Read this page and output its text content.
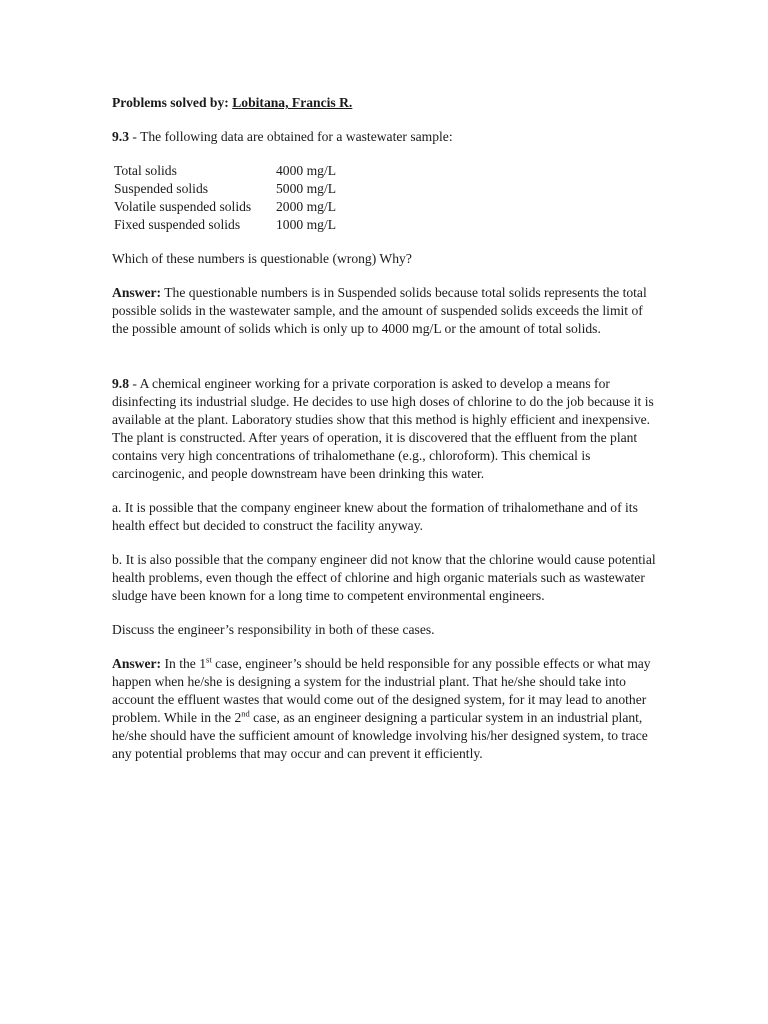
Problems solved by: Lobitana, Francis R.

9.3 - The following data are obtained for a wastewater sample:

Total solids	4000 mg/L
Suspended solids	5000 mg/L
Volatile suspended solids	2000 mg/L
Fixed suspended solids	1000 mg/L

Which of these numbers is questionable (wrong) Why?

Answer: The questionable numbers is in Suspended solids because total solids represents the total possible solids in the wastewater sample, and the amount of suspended solids exceeds the limit of the possible amount of solids which is only up to 4000 mg/L or the amount of total solids.

9.8 - A chemical engineer working for a private corporation is asked to develop a means for disinfecting its industrial sludge. He decides to use high doses of chlorine to do the job because it is available at the plant. Laboratory studies show that this method is highly efficient and inexpensive. The plant is constructed. After years of operation, it is discovered that the effluent from the plant contains very high concentrations of trihalomethane (e.g., chloroform). This chemical is carcinogenic, and people downstream have been drinking this water.

a. It is possible that the company engineer knew about the formation of trihalomethane and of its health effect but decided to construct the facility anyway.

b. It is also possible that the company engineer did not know that the chlorine would cause potential health problems, even though the effect of chlorine and high organic materials such as wastewater sludge have been known for a long time to competent environmental engineers.

Discuss the engineer’s responsibility in both of these cases.

Answer: In the 1st case, engineer’s should be held responsible for any possible effects or what may happen when he/she is designing a system for the industrial plant. That he/she should take into account the effluent wastes that would come out of the designed system, for it may lead to another problem. While in the 2nd case, as an engineer designing a particular system in an industrial plant, he/she should have the sufficient amount of knowledge involving his/her designed system, to trace any potential problems that may occur and can prevent it efficiently.
